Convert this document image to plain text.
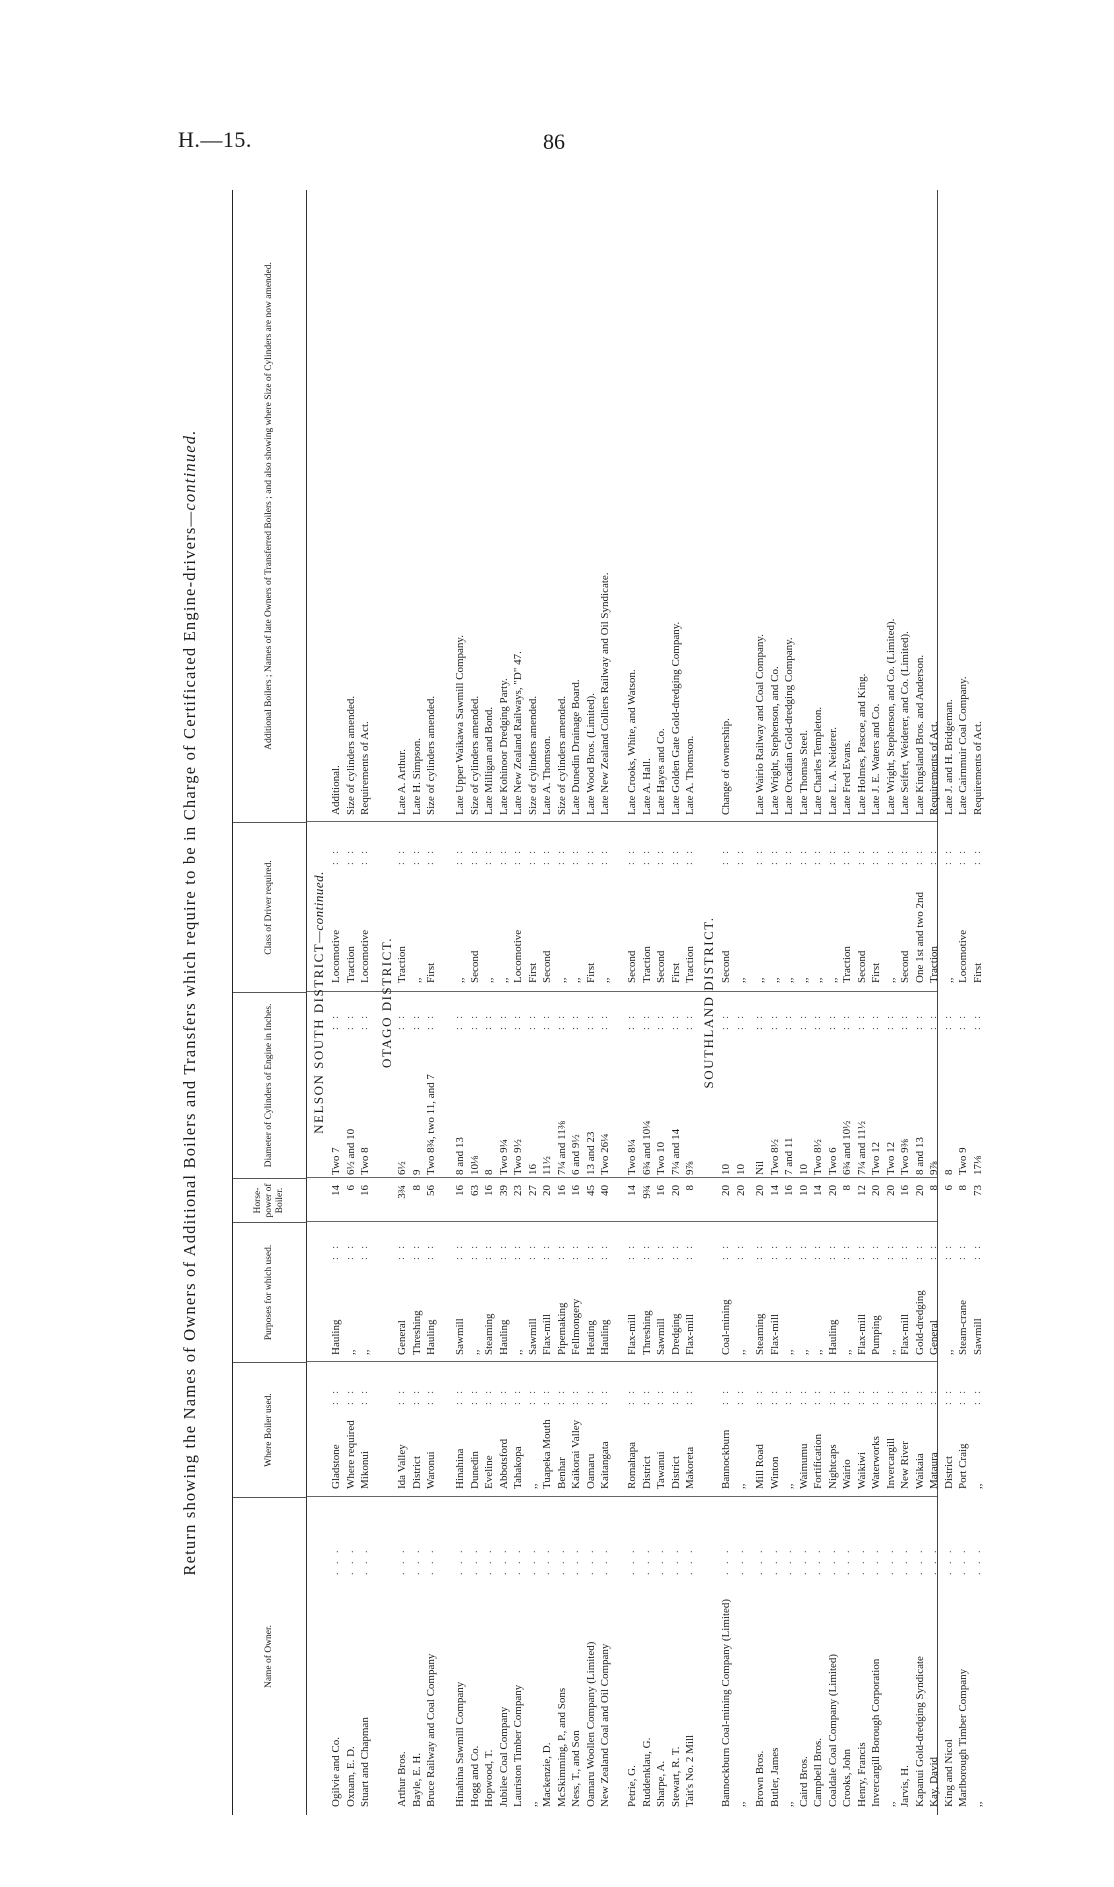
H.—15.	86
Return showing the Names of Owners of Additional Boilers and Transfers which require to be in Charge of Certificated Engine-drivers—continued.
Name of Owner.
Where Boiler used.
Purposes for which used.
Horse-power of Boiler.
Diameter of Cylinders of Engine in Inches.
Class of Driver required.
Additional Boilers ; Names of late Owners of Transferred Boilers ; and also showing where Size of Cylinders are now amended.
NELSON SOUTH DISTRICT—continued.
OTAGO DISTRICT.	SOUTHLAND DISTRICT.
. . .
: :
: :
: :
: :
Ogilvie and Co.
Gladstone
Hauling
14
Two 7
Locomotive
Additional.
. . .
: :
: :
: :
: :
Oxnam, E. D.
Where required
,,
6
6½ and 10
Traction
Size of cylinders amended.
. . .
: :
: :
: :
: :
Stuart and Chapman
Mikonui
,,
16
Two 8
Locomotive
Requirements of Act.
. . .
: :
: :
: :
: :
Arthur Bros.
Ida Valley
General
3¾
6½
Traction
Late A. Arthur.
. . .
: :
: :
: :
: :
Bayle, E. H.
District
Threshing
8
9
,,
Late H. Simpson.
. . .
: :
: :
: :
: :
Bruce Railway and Coal Company
Waronui
Hauling
56
Two 8¾, two 11, and 7
First
Size of cylinders amended.
. . .
: :
: :
: :
: :
Hinahina Sawmill Company
Hinahina
Sawmill
16
8 and 13
,,
Late Upper Waikawa Sawmill Company.
. . .
: :
: :
: :
: :
Hogg and Co.
Dunedin
,,
63
10⅛
Second
Size of cylinders amended.
. . .
: :
: :
: :
: :
Hopwood, T.
Eveline
Steaming
16
8
,,
Late Milligan and Bond.
. . .
: :
: :
: :
: :
Jubilee Coal Company
Abbotsford
Hauling
39
Two 9¼
,,
Late Kohinoor Dredging Party.
. . .
: :
: :
: :
: :
Lauriston Timber Company
Tahakopa
,,
23
Two 9½
Locomotive
Late New Zealand Railways, "D" 47.
. . .
: :
: :
: :
: :
,,
,,
Sawmill
27
16
First
Size of cylinders amended.
. . .
: :
: :
: :
: :
Mackenzie, D.
Tuapeka Mouth
Flax-mill
20
11½
Second
Late A. Thomson.
. . .
: :
: :
: :
: :
McSkimming, P., and Sons
Benhar
Pipemaking
16
7¼ and 11⅜
,,
Size of cylinders amended.
. . .
: :
: :
: :
: :
Ness, T., and Son
Kaikorai Valley
Fellmongery
16
6 and 9½
,,
Late Dunedin Drainage Board.
. . .
: :
: :
: :
: :
Oamaru Woollen Company (Limited)
Oamaru
Heating
45
13 and 23
First
Late Wood Bros. (Limited).
. . .
: :
: :
: :
: :
New Zealand Coal and Oil Company
Kaitangata
Hauling
40
Two 26¼
,,
Late New Zealand Colliers Railway and Oil Syndicate.
. . .
: :
: :
: :
: :
Petrie, G.
Romahapa
Flax-mill
14
Two 8¼
Second
Late Crooks, White, and Watson.
. . .
: :
: :
: :
: :
Ruddenklau, G.
District
Threshing
9¾
6¾ and 10¼
Traction
Late A. Hall.
. . .
: :
: :
: :
: :
Sharpe, A.
Tawanui
Sawmill
16
Two 10
Second
Late Hayes and Co.
. . .
: :
: :
: :
: :
Stewart, R. T.
District
Dredging
20
7¼ and 14
First
Late Golden Gate Gold-dredging Company.
. . .
: :
: :
: :
: :
Tait's No. 2 Mill
Makoreta
Flax-mill
8
9⅞
Traction
Late A. Thomson.
. . .
: :
: :
: :
: :
Bannockburn Coal-mining Company (Limited)
Bannockburn
Coal-mining
20
10
Second
Change of ownership.
. . .
: :
: :
: :
: :
,,
,,
,,
20
10
,,
. . .
: :
: :
: :
: :
Brown Bros.
Mill Road
Steaming
20
Nil
,,
Late Wairio Railway and Coal Company.
. . .
: :
: :
: :
: :
Butler, James
Winton
Flax-mill
14
Two 8½
,,
Late Wright, Stephenson, and Co.
. . .
: :
: :
: :
: :
,,
,,
,,
16
7 and 11
,,
Late Orcadian Gold-dredging Company.
. . .
: :
: :
: :
: :
Caird Bros.
Waimumu
,,
10
10
,,
Late Thomas Steel.
. . .
: :
: :
: :
: :
Campbell Bros.
Fortification
,,
14
Two 8½
,,
Late Charles Templeton.
. . .
: :
: :
: :
: :
Coaldale Coal Company (Limited)
Nightcaps
Hauling
20
Two 6
,,
Late L. A. Neiderer.
. . .
: :
: :
: :
: :
Crooks, John
Wairio
,,
8
6¾ and 10½
Traction
Late Fred Evans.
. . .
: :
: :
: :
: :
Henry, Francis
Waikiwi
Flax-mill
12
7¼ and 11½
Second
Late Holmes, Pascoe, and King.
. . .
: :
: :
: :
: :
Invercargill Borough Corporation
Waterworks
Pumping
20
Two 12
First
Late J. E. Waters and Co.
. . .
: :
: :
: :
: :
,,
Invercargill
,,
20
Two 12
,,
Late Wright, Stephenson, and Co. (Limited).
. . .
: :
: :
: :
: :
Jarvis, H.
New River
Flax-mill
16
Two 9⅜
Second
Late Seifert, Weiderer, and Co. (Limited).
. . .
: :
: :
: :
: :
Kapanui Gold-dredging Syndicate
Waikaia
Gold-dredging
20
8 and 13
One 1st and two 2nd
Late Kingsland Bros. and Anderson.
. . .
: :
: :
: :
: :
Kay, David
Mataura
General
8
9⅞
Traction
Requirements of Act.
. . .
: :
: :
: :
: :
King and Nicol
District
,,
6
8
,,
Late J. and H. Bridgeman.
. . .
: :
: :
: :
: :
Marlborough Timber Company
Port Craig
Steam-crane
8
Two 9
Locomotive
Late Cairnmuir Coal Company.
. . .
: :
: :
: :
: :
,,
,,
Sawmill
73
17⅛
First
Requirements of Act.
